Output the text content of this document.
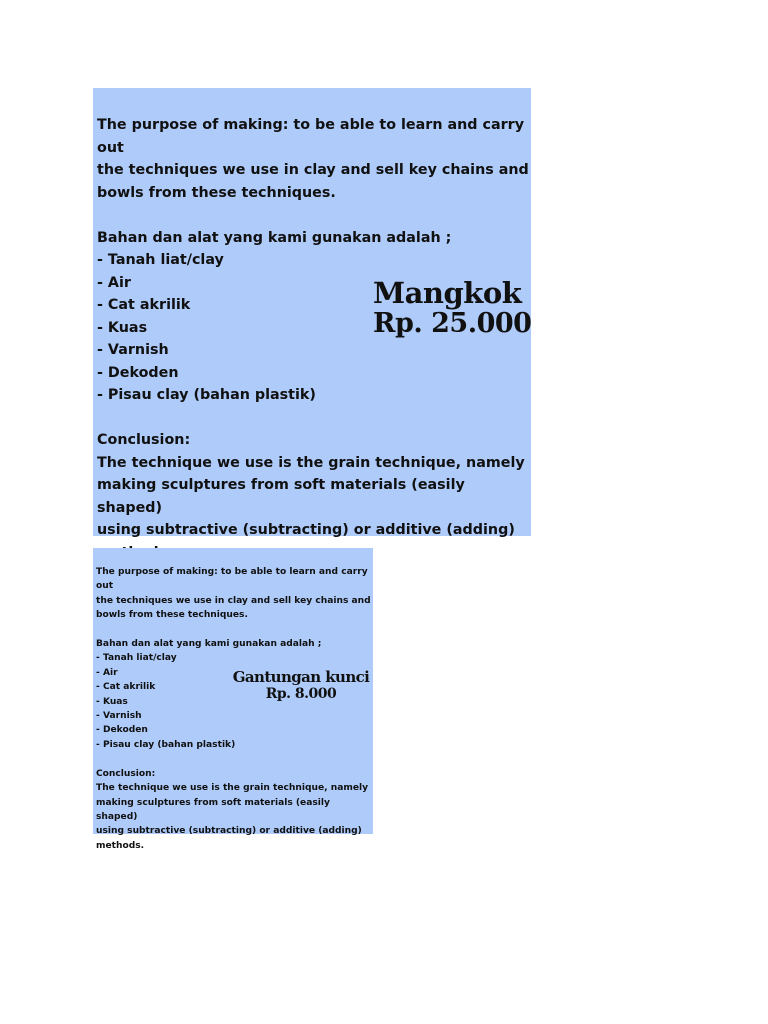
The purpose of making: to be able to learn and carry out
the techniques we use in clay and sell key chains and
bowls from these techniques.

Bahan dan alat yang kami gunakan adalah ;
- Tanah liat/clay
- Air
- Cat akrilik
- Kuas
- Varnish
- Dekoden
- Pisau clay (bahan plastik)

Conclusion:
The technique we use is the grain technique, namely
making sculptures from soft materials (easily shaped)
using subtractive (subtracting) or additive (adding)

Mangkok
Rp. 25.000
The purpose of making: to be able to learn and carry out
the techniques we use in clay and sell key chains and
bowls from these techniques.

Bahan dan alat yang kami gunakan adalah ;
- Tanah liat/clay
- Air
- Cat akrilik
- Kuas
- Varnish
- Dekoden
- Pisau clay (bahan plastik)

Conclusion:
The technique we use is the grain technique, namely
making sculptures from soft materials (easily shaped)
using subtractive (subtracting) or additive (adding)
methods.
Gantungan kunci
Rp. 8.000
